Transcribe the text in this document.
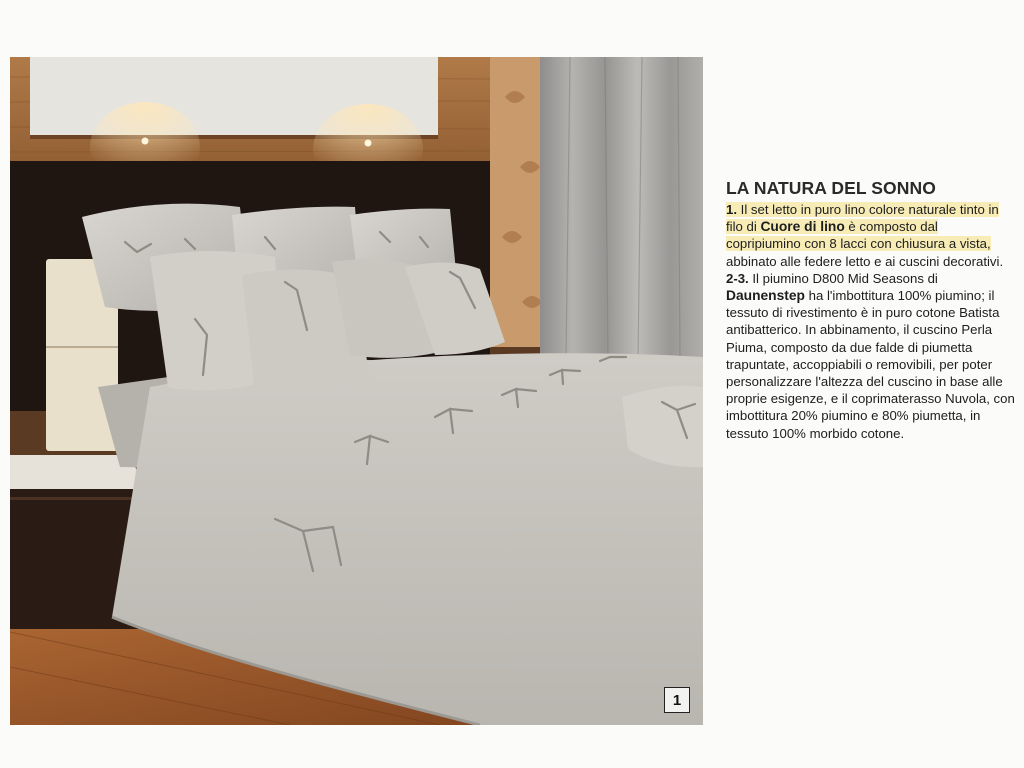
1
LA NATURA DEL SONNO

1. Il set letto in puro lino colore naturale tinto in filo di Cuore di lino è composto dal copripiumino con 8 lacci con chiusura a vista, abbinato alle federe letto e ai cuscini decorativi. 2-3. Il piumino D800 Mid Seasons di Daunenstep ha l'imbottitura 100% piumino; il tessuto di rivestimento è in puro cotone Batista antibatterico. In abbinamento, il cuscino Perla Piuma, composto da due falde di piumetta trapuntate, accoppiabili o removibili, per poter personalizzare l'altezza del cuscino in base alle proprie esigenze, e il coprimaterasso Nuvola, con imbottitura 20% piumino e 80% piumetta, in tessuto 100% morbido cotone.
